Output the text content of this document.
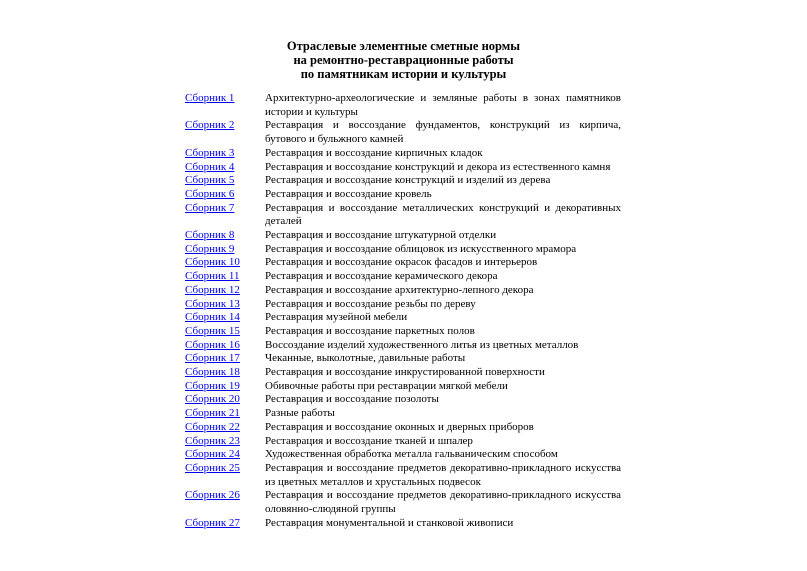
Отраслевые элементные сметные нормы
на ремонтно-реставрационные работы
по памятникам истории и культуры
Сборник 1	Архитектурно-археологические и земляные работы в зонах памятников истории и культуры
Сборник 2	Реставрация и воссоздание фундаментов, конструкций из кирпича, бутового и бульжного камней
Сборник 3	Реставрация и воссоздание кирпичных кладок
Сборник 4	Реставрация и воссоздание конструкций и декора из естественного камня
Сборник 5	Реставрация и воссоздание конструкций и изделий из дерева
Сборник 6	Реставрация и воссоздание кровель
Сборник 7	Реставрация и воссоздание металлических конструкций и декоративных деталей
Сборник 8	Реставрация и воссоздание штукатурной отделки
Сборник 9	Реставрация и воссоздание облицовок из искусственного мрамора
Сборник 10	Реставрация и воссоздание окрасок фасадов и интерьеров
Сборник 11	Реставрация и воссоздание керамического декора
Сборник 12	Реставрация и воссоздание архитектурно-лепного декора
Сборник 13	Реставрация и воссоздание резьбы по дереву
Сборник 14	Реставрация музейной мебели
Сборник 15	Реставрация и воссоздание паркетных полов
Сборник 16	Воссоздание изделий художественного литья из цветных металлов
Сборник 17	Чеканные, выколотные, давильные работы
Сборник 18	Реставрация и воссоздание инкрустированной поверхности
Сборник 19	Обивочные работы при реставрации мягкой мебели
Сборник 20	Реставрация и воссоздание позолоты
Сборник 21	Разные работы
Сборник 22	Реставрация и воссоздание оконных и дверных приборов
Сборник 23	Реставрация и воссоздание тканей и шпалер
Сборник 24	Художественная обработка металла гальваническим способом
Сборник 25	Реставрация и воссоздание предметов декоративно-прикладного искусства из цветных металлов и хрустальных подвесок
Сборник 26	Реставрация и воссоздание предметов декоративно-прикладного искусства оловянно-слюдяной группы
Сборник 27	Реставрация монументальной и станковой живописи
